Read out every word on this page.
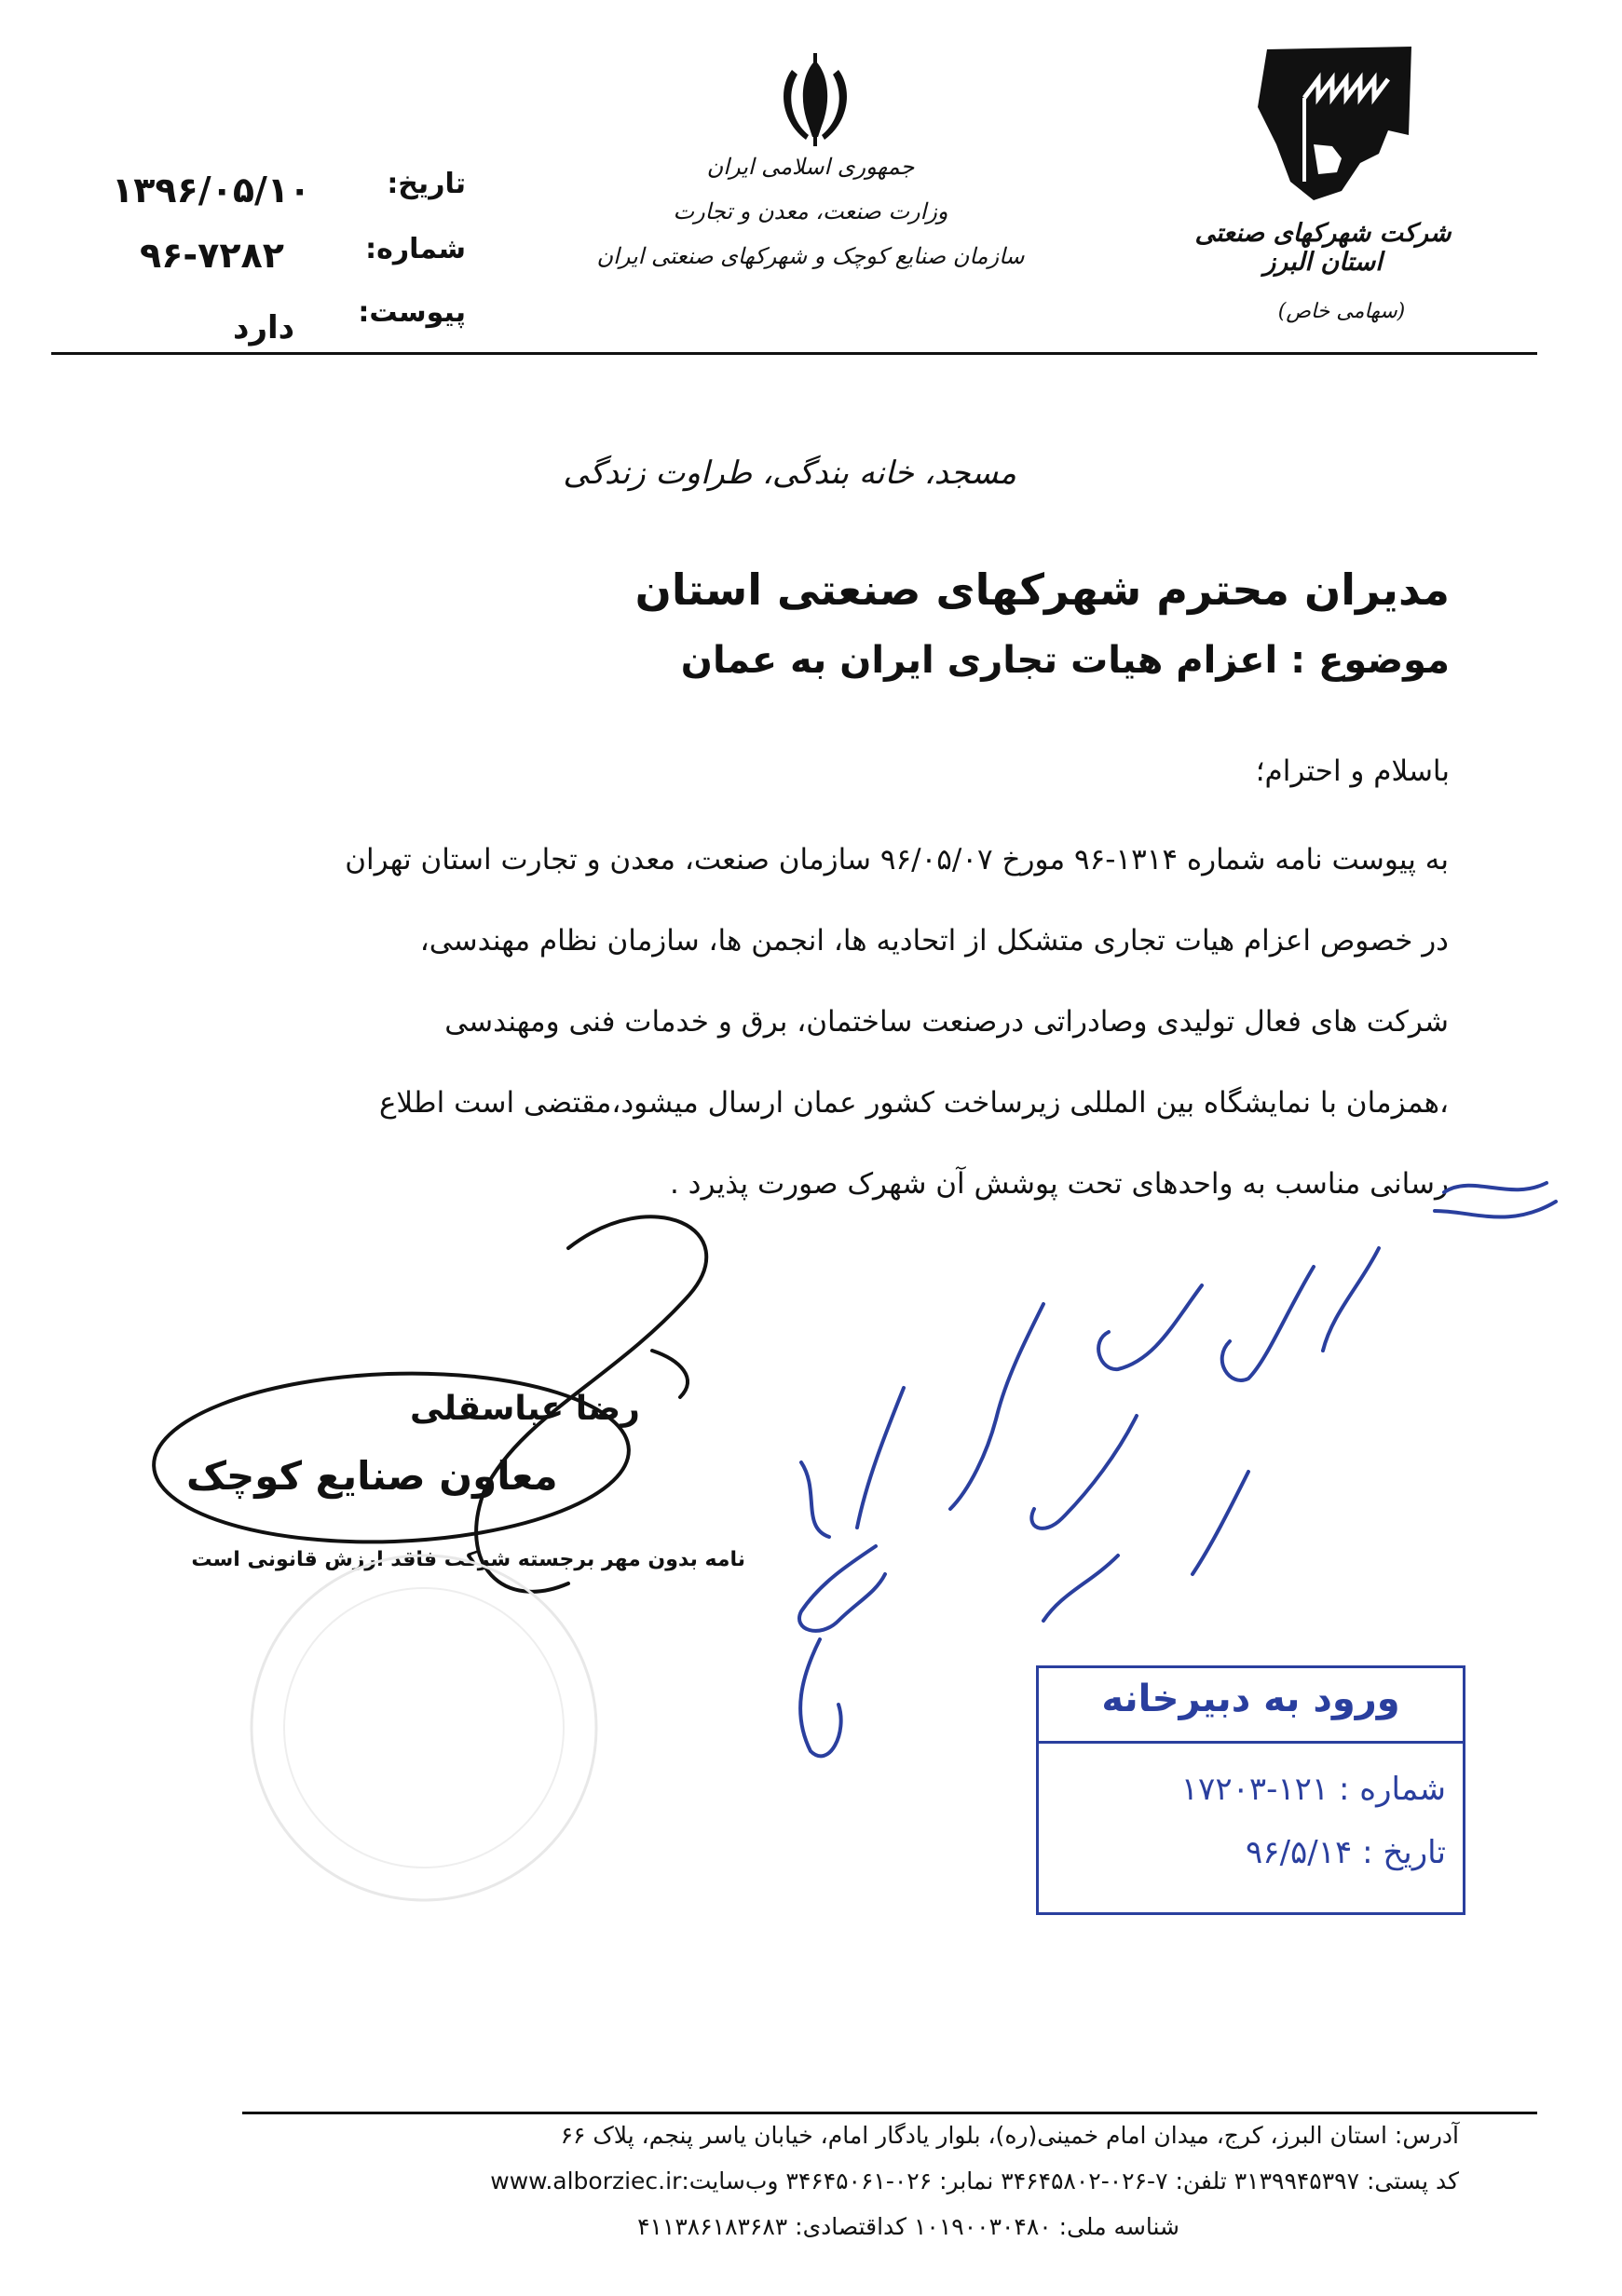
۱۳۹۶/۰۵/۱۰	تاریخ:
۹۶-۷۲۸۲	شماره:
دارد پیوست:
جمهوری اسلامی ایران
وزارت صنعت، معدن و تجارت
سازمان صنایع کوچک و شهرکهای صنعتی ایران
شرکت شهرکهای صنعتی استان البرز
(سهامی خاص)
مسجد، خانه بندگی، طراوت زندگی
مدیران محترم شهرکهای صنعتی استان
موضوع : اعزام هیات تجاری ایران به عمان
باسلام و احترام؛

به پیوست نامه شماره ۱۳۱۴-۹۶ مورخ ۹۶/۰۵/۰۷ سازمان صنعت، معدن و تجارت استان تهران

در خصوص اعزام هیات تجاری متشکل از اتحادیه ها، انجمن ها، سازمان نظام مهندسی،

شرکت های فعال تولیدی وصادراتی درصنعت ساختمان، برق و خدمات فنی ومهندسی

،همزمان با نمایشگاه بین المللی زیرساخت کشور عمان ارسال میشود،مقتضی است اطلاع

رسانی مناسب به واحدهای تحت پوشش آن شهرک صورت پذیرد .

رضا عباسقلی
معاون صنایع کوچک
نامه بدون مهر برجسته شرکت فاقد ارزش قانونی است
ورود به دبیرخانه
شماره : ۱۲۱-۱۷۲۰۳
تاریخ : ۹۶/۵/۱۴
آدرس: استان البرز، کرج، میدان امام خمینی(ره)، بلوار یادگار امام، خیابان یاسر پنجم، پلاک ۶۶
کد پستی: ۳۱۳۹۹۴۵۳۹۷ تلفن: ۷-۰۲۶-۳۴۶۴۵۸۰۲ نمابر: ۰۲۶-۳۴۶۴۵۰۶۱ وب‌سایت:www.alborziec.ir
شناسه ملی: ۱۰۱۹۰۰۳۰۴۸۰ کداقتصادی: ۴۱۱۳۸۶۱۸۳۶۸۳
